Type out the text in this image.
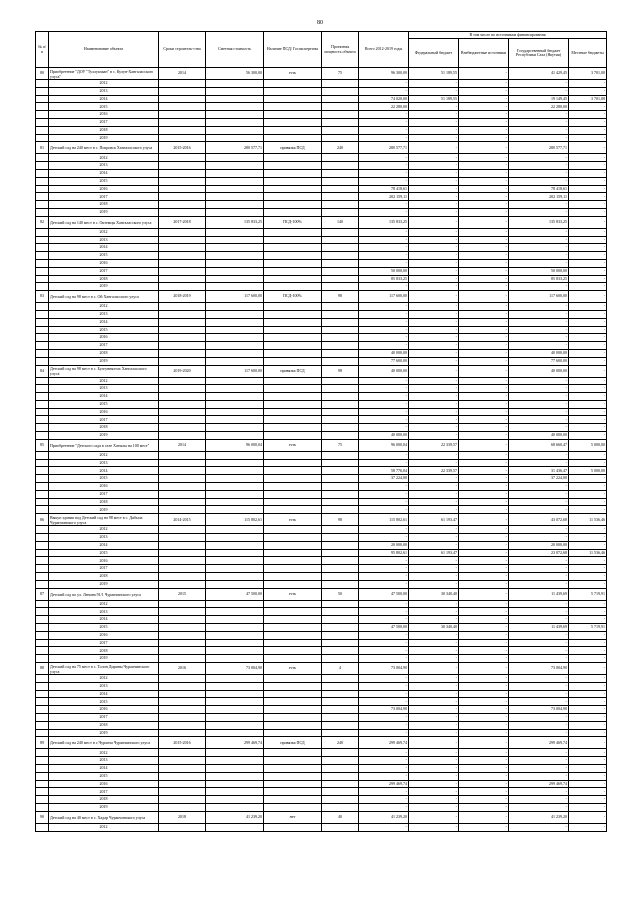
80
№ п/п	Наименование объекта	Сроки строитель-ства	Сметная стоимость	Наличие ПСД/ Госэкспертизы	Проектная мощность объекта	Всего 2012-2019 годы	В том числе по источникам финансирования			
							Федеральный бюджет	Внебюджетные источники	Государственный бюджет Республики Саха (Якутия)	Местные бюджеты
80	Приобретение "ДОУ "Туллукчаан" в с. Кулун-Хангаласского улуса"	2014	56 300,00	есть	75	96 300,00	51 189,55	-	41 429,45	3 701,00
	2012					-	-	-	-	-
	2013					-	-	-	-	-
	2014					74 020,00	51 189,55	-	19 149,45	3 701,00
	2015					22 280,00	-	-	22 280,00	-
	2016					-	-	-	-	-
	2017					-	-	-	-	-
	2018					-	-	-	-	-
	2019					-	-	-	-	-
81	Детский сад на 240 мест в с. Покровск Хангаласского улуса	2015-2016	280 577,71	привязка ПСД	240	280 577,71	-	-	280 577,71	-
	2012					-	-	-	-	-
	2013					-	-	-	-	-
	2014					-	-	-	-	-
	2015					-	-	-	-	-
	2016					78 418,61	-	-	78 418,61	-
	2017					202 159,11	-	-	202 159,11	-
	2018					-	-	-	-	-
	2019					-	-	-	-	-
82	Детский сад на 140 мест в с. Октемцы Хангаласского улуса	2017-2018	135 833,25	ПСД-100%	140	135 833,25	-	-	135 833,25	-
	2012					-	-	-	-	-
	2013					-	-	-	-	-
	2014					-	-	-	-	-
	2015					-	-	-	-	-
	2016					-	-	-	-	-
	2017					50 000,00	-	-	50 000,00	-
	2018					85 833,25	-	-	85 833,25	-
	2019					-	-	-	-	-
83	Детский сад на 98 мест в с. Ой Хангаласского улуса	2018-2019	117 600,00	ПСД-100%	98	117 600,00	-	-	117 600,00	-
	2012					-	-	-	-	-
	2013					-	-	-	-	-
	2014					-	-	-	-	-
	2015					-	-	-	-	-
	2016					-	-	-	-	-
	2017					-	-	-	-	-
	2018					40 000,00	-	-	40 000,00	-
	2019					77 600,00	-	-	77 600,00	-
84	Детский сад на 98 мест в с. Булгунняхтах Хангаласского улуса	2019-2020	117 600,00	привязка ПСД	98	40 000,00	-	-	40 000,00	-
	2012					-	-	-	-	-
	2013					-	-	-	-	-
	2014					-	-	-	-	-
	2015					-	-	-	-	-
	2016					-	-	-	-	-
	2017					-	-	-	-	-
	2018					-	-	-	-	-
	2019					40 000,00	-	-	40 000,00	-
85	Приобретение "Детского сада в селе Хатылы на 100 мест"	2014	96 000,04	есть	75	96 000,04	22 339,57	-	68 660,47	5 000,00
	2012					-	-	-	-	-
	2013					-	-	-	-	-
	2014					58 776,04	22 339,57	-	31 436,47	5 000,00
	2015					37 224,00	-	-	37 224,00	-
	2016					-	-	-	-	-
	2017					-	-	-	-	-
	2018					-	-	-	-	-
	2019					-	-	-	-	-
86	Выкуп здания под Детский сад на 98 мест в с. Дябыла Чурапчинского улуса	2014-2015	115 802,61	есть	98	115 802,61	61 193,47	-	43 072,68	11 536,46
	2012					-	-	-	-	-
	2013					-	-	-	-	-
	2014					20 000,00	-	-	20 000,00	-
	2015					95 802,61	61 193,47	-	23 072,68	11 536,46
	2016					-	-	-	-	-
	2017					-	-	-	-	-
	2018					-	-	-	-	-
	2019					-	-	-	-	-
87	Детский сад по ул. Ленина 91/1 Чурапчинского улуса	2015	47 500,00	есть	50	47 500,00	30 340,40	-	11 439,69	5 719,91
	2012					-	-	-	-	-
	2013					-	-	-	-	-
	2014					-	-	-	-	-
	2015					47 500,00	30 340,40	-	11 439,69	5 719,91
	2016					-	-	-	-	-
	2017					-	-	-	-	-
	2018					-	-	-	-	-
	2019					-	-	-	-	-
88	Детский сад на 75 мест в с. Толон Дирины Чурапчинского улуса	2016	73 004,90	есть	4	73 004,90	-	-	73 004,90	-
	2012					-	-	-	-	-
	2013					-	-	-	-	-
	2014					-	-	-	-	-
	2015					-	-	-	-	-
	2016					73 004,90	-	-	73 004,90	-
	2017					-	-	-	-	-
	2018					-	-	-	-	-
	2019					-	-	-	-	-
89	Детский сад на 240 мест в с.Чурапча Чурапчинского улуса	2015-2016	299 469,74	привязка ПСД	240	299 469,74	-	-	299 469,74	-
	2012					-	-	-	-	-
	2013					-	-	-	-	-
	2014					-	-	-	-	-
	2015					-	-	-	-	-
	2016					299 469,74	-	-	299 469,74	-
	2017					-	-	-	-	-
	2018					-	-	-	-	-
	2019					-	-	-	-	-
90	Детский сад на 40 мест в с. Хадар Чурапчинского улуса	2018	41 239,20	нет	40	41 239,20	-	-	41 239,20	-
	2012					-	-	-	-	-
